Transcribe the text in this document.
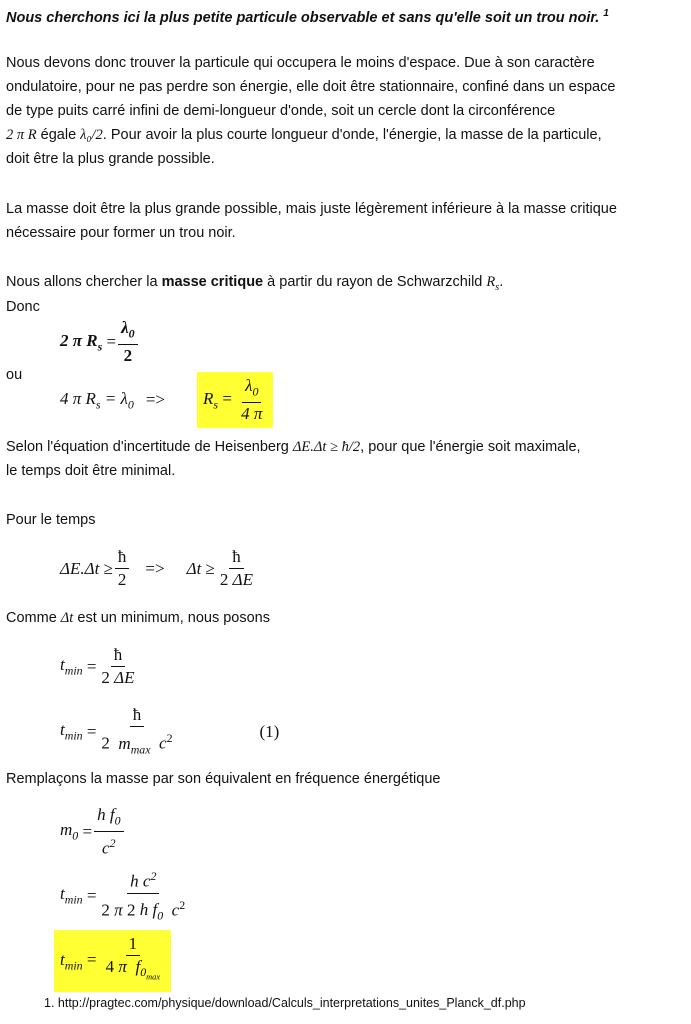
Nous cherchons ici la plus petite particule observable et sans qu'elle soit un trou noir. $^1$
Nous devons donc trouver la particule qui occupera le moins d'espace. Due à son caractère
ondulatoire, pour ne pas perdre son énergie, elle doit être stationnaire, confiné dans un espace
de type puits carré infini de demi-longueur d'onde, soit un cercle dont la circonférence
2 π R égale λ₀/2. Pour avoir la plus courte longueur d'onde, l'énergie, la masse de la particule,
doit être la plus grande possible.
La masse doit être la plus grande possible, mais juste légèrement inférieure à la masse critique
nécessaire pour former un trou noir.
Nous allons chercher la masse critique à partir du rayon de Schwarzchild $R_s$.
Donc
2 π $R_s = \frac{\lambda_0}{2}$
ou
4 π $R_s = \lambda_0$ =>	$R_s = \frac{\lambda_0}{4 \pi}$
Selon l'équation d'incertitude de Heisenberg ΔE.Δt ≥ ħ/2, pour que l'énergie soit maximale,
le temps doit être minimal.
Pour le temps
$\Delta E.\Delta t \ge \frac{ħ}{2} => \Delta t \ge \frac{ħ}{2 \Delta E}$
Comme Δt est un minimum, nous posons
$t_{min} = \frac{ħ}{2 \Delta E}$
$t_{min} = \frac{ħ}{2 m_{max} c^2}$	(1)
Remplaçons la masse par son équivalent en fréquence énergétique
$m_0 = \frac{h f_0}{c^2}$
$t_{min} = \frac{h c^2}{2 \pi 2 h f_0 c^2}$
$t_{min} = \frac{1}{4 \pi f_{0_{max}}}$
1. http://pragtec.com/physique/download/Calculs_interpretations_unites_Planck_df.php
